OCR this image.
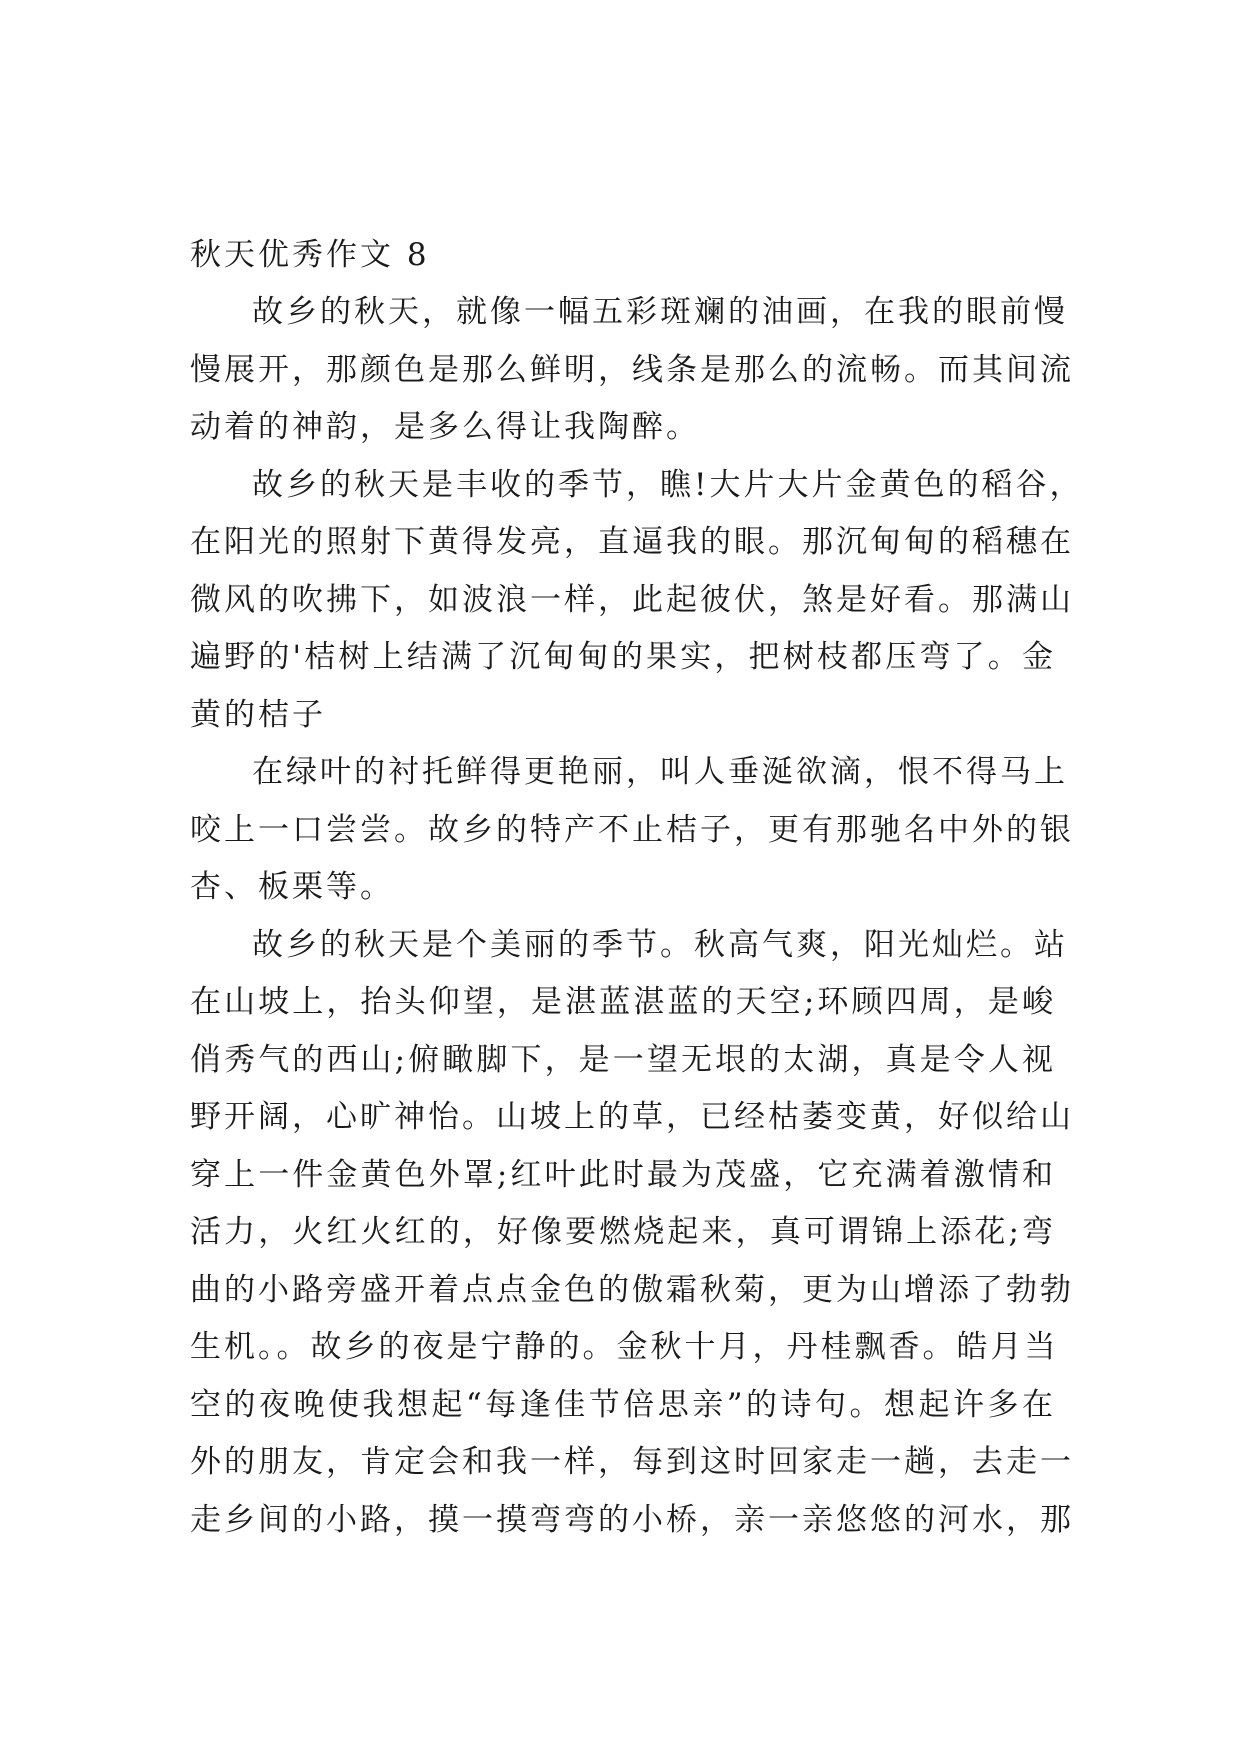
秋天优秀作文 8

故乡的秋天，就像一幅五彩斑斓的油画，在我的眼前慢
慢展开，那颜色是那么鲜明，线条是那么的流畅。而其间流
动着的神韵，是多么得让我陶醉。

故乡的秋天是丰收的季节，瞧!大片大片金黄色的稻谷，
在阳光的照射下黄得发亮，直逼我的眼。那沉甸甸的稻穗在
微风的吹拂下，如波浪一样，此起彼伏，煞是好看。那满山
遍野的'桔树上结满了沉甸甸的果实，把树枝都压弯了。金
黄的桔子

在绿叶的衬托鲜得更艳丽，叫人垂涎欲滴，恨不得马上
咬上一口尝尝。故乡的特产不止桔子，更有那驰名中外的银
杏、板栗等。

故乡的秋天是个美丽的季节。秋高气爽，阳光灿烂。站
在山坡上，抬头仰望，是湛蓝湛蓝的天空;环顾四周，是峻
俏秀气的西山;俯瞰脚下，是一望无垠的太湖，真是令人视
野开阔，心旷神怡。山坡上的草，已经枯萎变黄，好似给山
穿上一件金黄色外罩;红叶此时最为茂盛，它充满着激情和
活力，火红火红的，好像要燃烧起来，真可谓锦上添花;弯
曲的小路旁盛开着点点金色的傲霜秋菊，更为山增添了勃勃
生机。。故乡的夜是宁静的。金秋十月，丹桂飘香。皓月当
空的夜晚使我想起“每逢佳节倍思亲”的诗句。想起许多在
外的朋友，肯定会和我一样，每到这时回家走一趟，去走一
走乡间的小路，摸一摸弯弯的小桥，亲一亲悠悠的河水，那
